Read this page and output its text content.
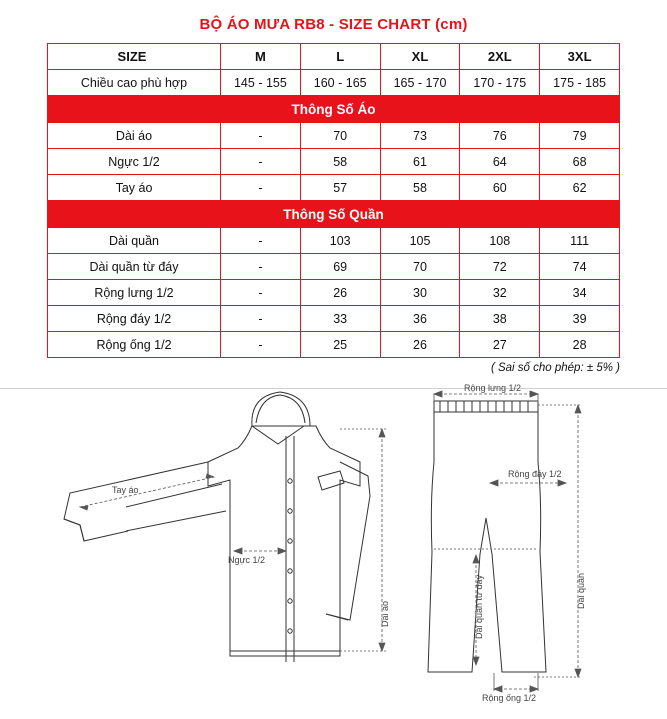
BỘ ÁO MƯA RB8 - SIZE CHART (cm)
SIZE	M	L	XL	2XL	3XL
Chiều cao phù hợp	145 - 155	160 - 165	165 - 170	170 - 175	175 - 185
Thông Số Áo					
Dài áo	-	70	73	76	79
Ngực 1/2	-	58	61	64	68
Tay áo	-	57	58	60	62
Thông Số Quần					
Dài quần	-	103	105	108	111
Dài quần từ đáy	-	69	70	72	74
Rộng lưng 1/2	-	26	30	32	34
Rộng đáy 1/2	-	33	36	38	39
Rộng ống 1/2	-	25	26	27	28
( Sai số cho phép: ± 5% )
Tay áo
Ngực 1/2
Dài áo
Rộng lưng 1/2
Rộng đáy 1/2
Dài quần từ đáy	Dài quần
Rộng ống 1/2
